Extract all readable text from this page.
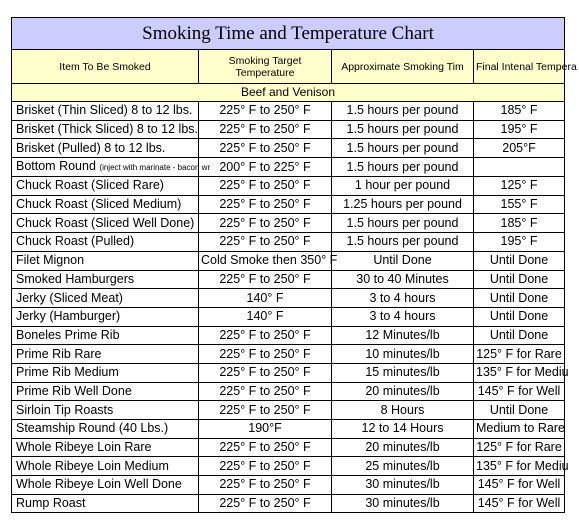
Smoking Time and Temperature Chart			
Item To Be Smoked	Smoking Target Temperature	Approximate Smoking Tim	Final Intenal Tempera
Beef and Venison			
Brisket (Thin Sliced) 8 to 12 lbs.	225° F to 250° F	1.5 hours per pound	185° F
Brisket (Thick Sliced) 8 to 12 lbs.	225° F to 250° F	1.5 hours per pound	195° F
Brisket (Pulled) 8 to 12 lbs.	225° F to 250° F	1.5 hours per pound	205°F
Bottom Round (inject with marinate - bacon wr	200° F to 225° F	1.5 hours per pound	
Chuck Roast (Sliced Rare)	225° F to 250° F	1 hour per pound	125° F
Chuck Roast (Sliced Medium)	225° F to 250° F	1.25 hours per pound	155° F
Chuck Roast (Sliced Well Done)	225° F to 250° F	1.5 hours per pound	185° F
Chuck Roast (Pulled)	225° F to 250° F	1.5 hours per pound	195° F
Filet Mignon	Cold Smoke then 350° F	Until Done	Until Done
Smoked Hamburgers	225° F to 250° F	30 to 40 Minutes	Until Done
Jerky (Sliced Meat)	140° F	3 to 4 hours	Until Done
Jerky (Hamburger)	140° F	3 to 4 hours	Until Done
Boneles Prime Rib	225° F to 250° F	12 Minutes/lb	Until Done
Prime Rib Rare	225° F to 250° F	10 minutes/lb	125° F for Rare
Prime Rib Medium	225° F to 250° F	15 minutes/lb	135° F for Mediu
Prime Rib Well Done	225° F to 250° F	20 minutes/lb	145° F for Well
Sirloin Tip Roasts	225° F to 250° F	8 Hours	Until Done
Steamship Round (40 Lbs.)	190°F	12 to 14 Hours	Medium to Rare
Whole Ribeye Loin Rare	225° F to 250° F	20 minutes/lb	125° F for Rare
Whole Ribeye Loin Medium	225° F to 250° F	25 minutes/lb	135° F for Mediu
Whole Ribeye Loin Well Done	225° F to 250° F	30 minutes/lb	145° F for Well
Rump Roast	225° F to 250° F	30 minutes/lb	145° F for Well
